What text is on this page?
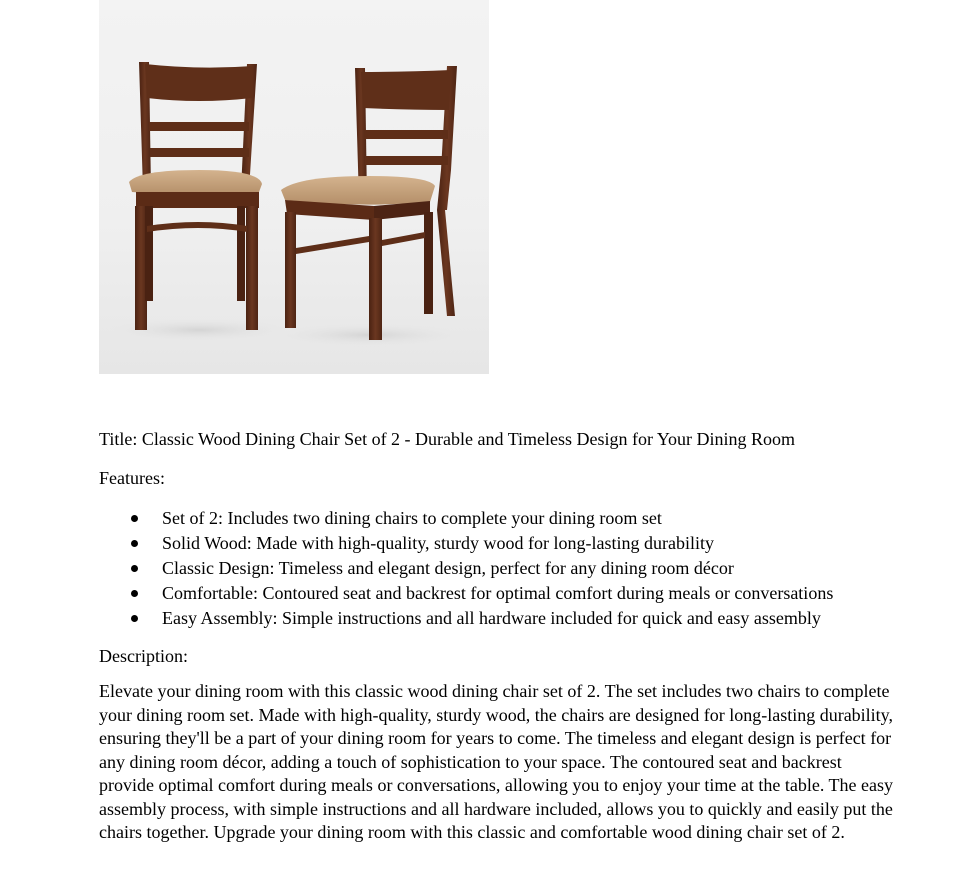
Title: Classic Wood Dining Chair Set of 2 - Durable and Timeless Design for Your Dining Room

Features:

Set of 2: Includes two dining chairs to complete your dining room set
Solid Wood: Made with high-quality, sturdy wood for long-lasting durability
Classic Design: Timeless and elegant design, perfect for any dining room décor
Comfortable: Contoured seat and backrest for optimal comfort during meals or conversations
Easy Assembly: Simple instructions and all hardware included for quick and easy assembly

Description:

Elevate your dining room with this classic wood dining chair set of 2. The set includes two chairs to complete your dining room set. Made with high-quality, sturdy wood, the chairs are designed for long-lasting durability, ensuring they'll be a part of your dining room for years to come. The timeless and elegant design is perfect for any dining room décor, adding a touch of sophistication to your space. The contoured seat and backrest provide optimal comfort during meals or conversations, allowing you to enjoy your time at the table. The easy assembly process, with simple instructions and all hardware included, allows you to quickly and easily put the chairs together. Upgrade your dining room with this classic and comfortable wood dining chair set of 2.
